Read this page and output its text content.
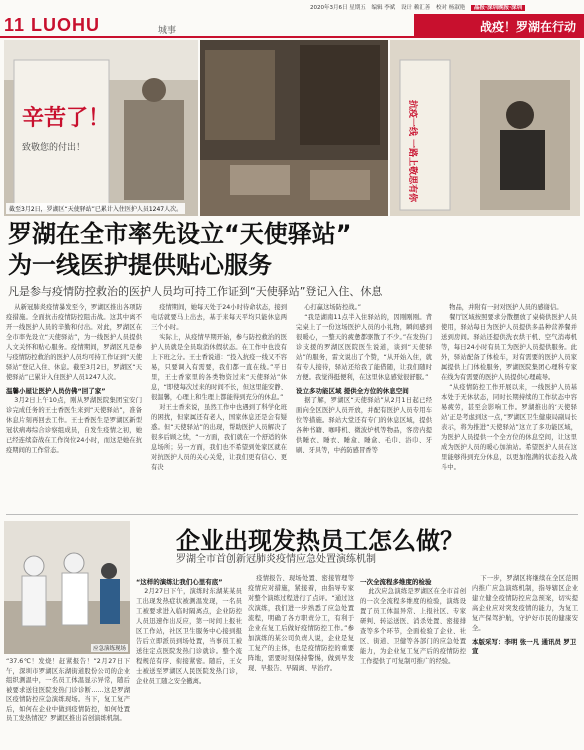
2020年3月6日 星期五 编辑 李斌 设计 赖汇善 校对 杨淑艳 晶报·深圳晚报·深圳
11 LUOHU	城事	战疫！罗湖在行动
辛苦了！
致敬您的付出！	抗疫一线 一路上敬思有你
截至3月2日，罗湖区“天使驿站”已累计入住医护人员1247人次。
罗湖在全市率先设立“天使驿站”
为一线医护提供贴心服务
凡是参与疫情防控救治的医护人员均可持工作证到“天使驿站”登记入住、休息

从新冠肺炎疫情暴发至今，罗湖区推出各项防疫措施。全面抗击疫情防控阻击战。这其中离不开一线医护人员的辛勤和付出。对此，罗湖区在全市率先设立“天使驿站”，为一线医护人员提供人文关怀和贴心服务。疫情期间，罗湖区凡是参与疫情防控救治的医护人员均可持工作证到“天使驿站”登记入住、休息。截至3月2日，罗湖区“天使驿站”已累计入住医护人员1247人次。

温馨小屋让医护人员仿佛“回了家”

3月2日上午10点，刚从罗湖医院集团宝安门诊完成任务的王士香医生来到“天使驿站”，准备休息片刻再回去工作。王士香医生是罗湖区新型冠状病毒综合诊察组成员，自发生疫情之初，她已经连续奋战在工作岗位24小时，而这是她在抗疫期间的工作常态。

疫情期间，她每天处于24小时待命状态，接到电话就要马上出去，基于来每天平均只能休息两三个小时。

实际上，从疫情早期开始，参与防控救治的医护人员就是全员取消休假状态。在工作中也没有上下班之分。王士香说道：“投入抗疫一线又不容易，只要调入有需要，我们都一直在线。”平日里，王士香家里的各类物资过来“天使驿站”休息，“即使每次过来的时间不长，但这里能安静、很温馨，心理上和生理上都能得到充分的休息。”

对王士香来说，虽然工作中也遇到了科学化班的困扰，但家属还有老人，国家体息还是会有疑惑。但“天使驿站”的出现，帮助医护人员解决了很多后顾之忧，“一方面，我们就在一个舒适的休息场所；另一方面，我们也不希望到处家区就在对抗医护人员的关心关爱，让我们更有信心、更有决

心打赢这场防控战。”

“我是湖南11点半入住驿站的，因刚刚刚。背完桌上了一份这场医护人员的小礼物，瞬间感到很暖心，一整天的疲惫都驱散了不少。”在发热门诊支援的罗湖区医院医生说道，谈到“天使驿站”的服务，雷文说出了个赞，“从开始入住，就有专人接待，驿站还给我了能借随，让我们随时方便。我觉得挺便利，在这里休息感觉很舒服。”

设立多功能区域 提供全方位的休息空间

据了解，罗湖区“天使驿站”从2月1日起已经面向全区医护人员开放，并配有医护人员专用车位等措施。驿站大堂还有专门的休息区域，提供各种书籍、咖啡机、微波炉机等物品，客房内提供睡衣、睡衣、睡盒、睡盒、毛巾、浴巾、牙刷、牙具等，中药防感冒香等

物品，并附有一封对医护人员的感谢信。

餐厅区域按照要求分散摆放了桌椅供医护人员使用，驿站每日为医护人员提供多品种营养餐并送到房间。驿站还提供洗衣烘干机、空气消毒机等，每日24小时有员工为医护人员提供服务。此外，驿站配备了体检车，对有需要的医护人员家属提供上门体检服务，罗湖医院集团心理科专家在线为有需要的医护人员提供心理疏导。

“从疫情防控工作开展以来，一线医护人员基本处于无休状态，同时长期持续的工作状态中容易疲劳，甚至会影响工作。罗湖推出的‘天使驿站’正是考虑到这一点，”罗湖区卫生健康局副局长表示，将为推进“天使驿站”这立了多功能区域，为医护人员提供一个全方位的休息空间，让这里成为医护人员的暖心加油站。希望医护人员在这里能够得到充分休息，以更加饱满的状态投入战斗中。

应急演练现场
“37.6℃！发烧！赶紧报告！”2月27日下午，深圳市罗湖区东湖街道股份公司的企业组织测温中，一名员工体温显示异常，随后被要求送往医院发热门诊诊断……这是罗湖区疫情防控应急演练现场。当下，复工复产后，如何在企业中做到疫情防控，如何处置员工发热情况？罗湖区推出首创演练机制。
企业出现发热员工怎么做？
罗湖全市首创新冠肺炎疫情应急处置演练机制
“这样的演练让我们心里有底”

2月27日下午，演练时东湖某某员工出现发热症状被测温发现，一名员工被要求进入临时隔离点，企业防控人员迅速作出反应，第一时间上报社区工作站，社区卫生服务中心接到报告后立即派员到场处置，当事员工被送往定点医院发热门诊就诊。整个流程规范有序、衔接紧密。随后，王女士被送至罗湖区人民医院发热门诊，企业员工随之安全撤离。

疫情报告、现场处置、密接管理等疫情应对措施，紧接着，由指导专家对整个演练过程进行了点评。“通过这次演练，我们进一步熟悉了应急处置流程，明确了各方职责分工，有利于企业在复工后做好疫情防控工作。”参加演练的某公司负责人说，企业是复工复产的主体，也是疫情防控的重要阵地，需要时刻保持警惕，做到早发现、早报告、早隔离、早治疗。

一次全流程多维度的检验

此次应急演练是罗湖区在全市首创的一次全流程多维度的检验，演练设置了员工体温异常、上报社区、专家研判、转运送医、消杀处置、密接排查等多个环节，全面检验了企业、社区、街道、卫健等各部门的应急处置能力，为企业复工复产后的疫情防控工作提供了可复制可推广的经验。

下一步，罗湖区将继续在全区范围内推广应急演练机制，指导辖区企业建立健全疫情防控应急预案，切实提高企业应对突发疫情的能力，为复工复产保驾护航，守护好市民的健康安全。

本版采写：李明 张一凡 通讯员 罗卫宣
